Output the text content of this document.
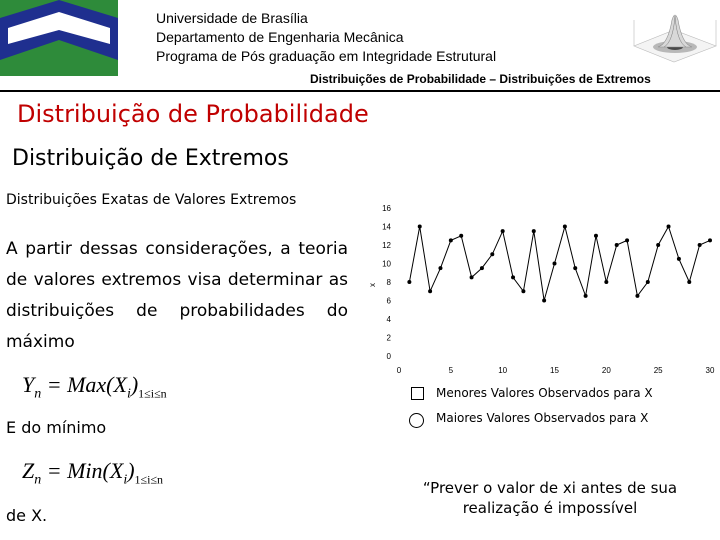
Universidade de Brasília
Departamento de Engenharia Mecânica
Programa de Pós graduação em Integridade Estrutural
Distribuições de Probabilidade – Distribuições de Extremos
Distribuição de Probabilidade
Distribuição de Extremos
Distribuições Exatas de Valores Extremos
A partir dessas considerações, a teoria de valores extremos visa determinar as distribuições de probabilidades do máximo
$Y_n = Max(X_i)_{1\le i\le n}$
E do mínimo
$Z_n = Min(X_i)_{1\le i\le n}$
de X.
0
2
4
6
8
10
12
14
16
0	5	10	15	20	25	30
x
Menores Valores Observados para X
Maiores Valores Observados para X
“Prever o valor de xi antes de sua
realização é impossível
